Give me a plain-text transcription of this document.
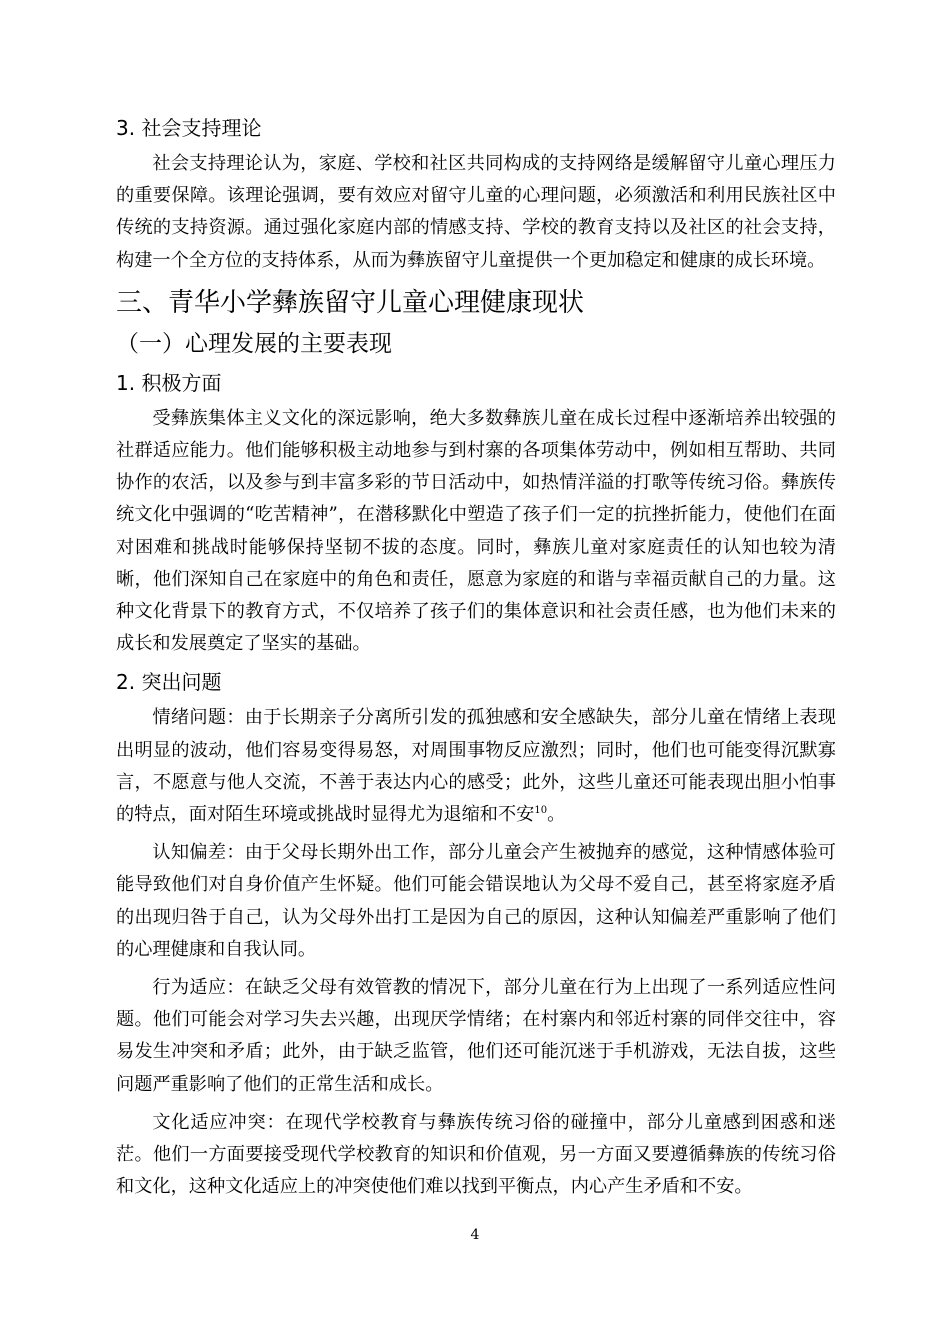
3. 社会支持理论

社会支持理论认为，家庭、学校和社区共同构成的支持网络是缓解留守儿童心理压力的重要保障。该理论强调，要有效应对留守儿童的心理问题，必须激活和利用民族社区中传统的支持资源。通过强化家庭内部的情感支持、学校的教育支持以及社区的社会支持，构建一个全方位的支持体系，从而为彝族留守儿童提供一个更加稳定和健康的成长环境。

三、青华小学彝族留守儿童心理健康现状
（一）心理发展的主要表现
1. 积极方面

受彝族集体主义文化的深远影响，绝大多数彝族儿童在成长过程中逐渐培养出较强的社群适应能力。他们能够积极主动地参与到村寨的各项集体劳动中，例如相互帮助、共同协作的农活，以及参与到丰富多彩的节日活动中，如热情洋溢的打歌等传统习俗。彝族传统文化中强调的“吃苦精神”，在潜移默化中塑造了孩子们一定的抗挫折能力，使他们在面对困难和挑战时能够保持坚韧不拔的态度。同时，彝族儿童对家庭责任的认知也较为清晰，他们深知自己在家庭中的角色和责任，愿意为家庭的和谐与幸福贡献自己的力量。这种文化背景下的教育方式，不仅培养了孩子们的集体意识和社会责任感，也为他们未来的成长和发展奠定了坚实的基础。

2. 突出问题

情绪问题：由于长期亲子分离所引发的孤独感和安全感缺失，部分儿童在情绪上表现出明显的波动，他们容易变得易怒，对周围事物反应激烈；同时，他们也可能变得沉默寡言，不愿意与他人交流，不善于表达内心的感受；此外，这些儿童还可能表现出胆小怕事的特点，面对陌生环境或挑战时显得尤为退缩和不安$^{10}$。

认知偏差：由于父母长期外出工作，部分儿童会产生被抛弃的感觉，这种情感体验可能导致他们对自身价值产生怀疑。他们可能会错误地认为父母不爱自己，甚至将家庭矛盾的出现归咎于自己，认为父母外出打工是因为自己的原因，这种认知偏差严重影响了他们的心理健康和自我认同。

行为适应：在缺乏父母有效管教的情况下，部分儿童在行为上出现了一系列适应性问题。他们可能会对学习失去兴趣，出现厌学情绪；在村寨内和邻近村寨的同伴交往中，容易发生冲突和矛盾；此外，由于缺乏监管，他们还可能沉迷于手机游戏，无法自拔，这些问题严重影响了他们的正常生活和成长。

文化适应冲突：在现代学校教育与彝族传统习俗的碰撞中，部分儿童感到困惑和迷茫。他们一方面要接受现代学校教育的知识和价值观，另一方面又要遵循彝族的传统习俗和文化，这种文化适应上的冲突使他们难以找到平衡点，内心产生矛盾和不安。

4
